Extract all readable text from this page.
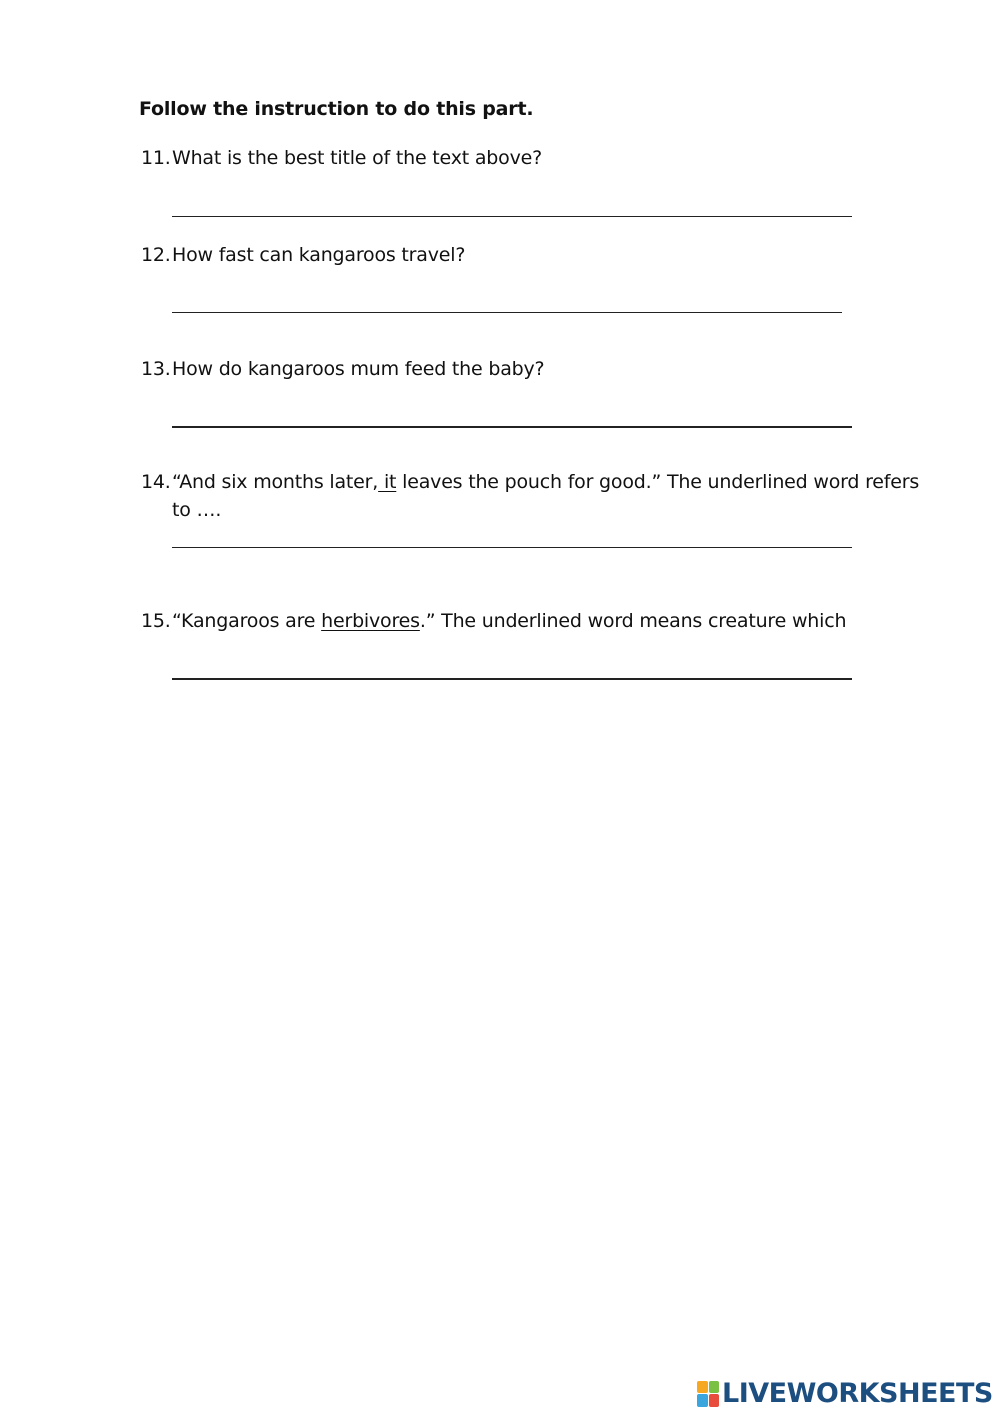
Follow the instruction to do this part.
11.What is the best title of the text above?
12.How fast can kangaroos travel?
13.How do kangaroos mum feed the baby?
14.“And six months later, it leaves the pouch for good.” The underlined word refers
to ….
15.“Kangaroos are herbivores.” The underlined word means creature which
LIVEWORKSHEETS
